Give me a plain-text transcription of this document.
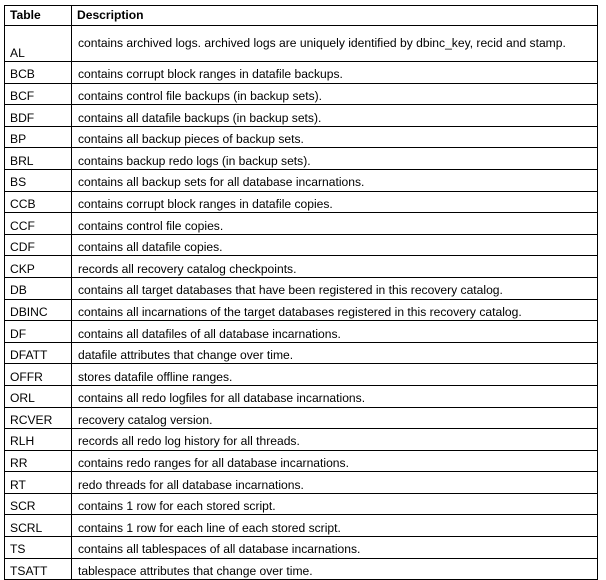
Table	Description
AL	contains archived logs. archived logs are uniquely identified by dbinc_key, recid and stamp.
BCB	contains corrupt block ranges in datafile backups.
BCF	contains control file backups (in backup sets).
BDF	contains all datafile backups (in backup sets).
BP	contains all backup pieces of backup sets.
BRL	contains backup redo logs (in backup sets).
BS	contains all backup sets for all database incarnations.
CCB	contains corrupt block ranges in datafile copies.
CCF	contains control file copies.
CDF	contains all datafile copies.
CKP	records all recovery catalog checkpoints.
DB	contains all target databases that have been registered in this recovery catalog.
DBINC	contains all incarnations of the target databases registered in this recovery catalog.
DF	contains all datafiles of all database incarnations.
DFATT	datafile attributes that change over time.
OFFR	stores datafile offline ranges.
ORL	contains all redo logfiles for all database incarnations.
RCVER	recovery catalog version.
RLH	records all redo log history for all threads.
RR	contains redo ranges for all database incarnations.
RT	redo threads for all database incarnations.
SCR	contains 1 row for each stored script.
SCRL	contains 1 row for each line of each stored script.
TS	contains all tablespaces of all database incarnations.
TSATT	tablespace attributes that change over time.
